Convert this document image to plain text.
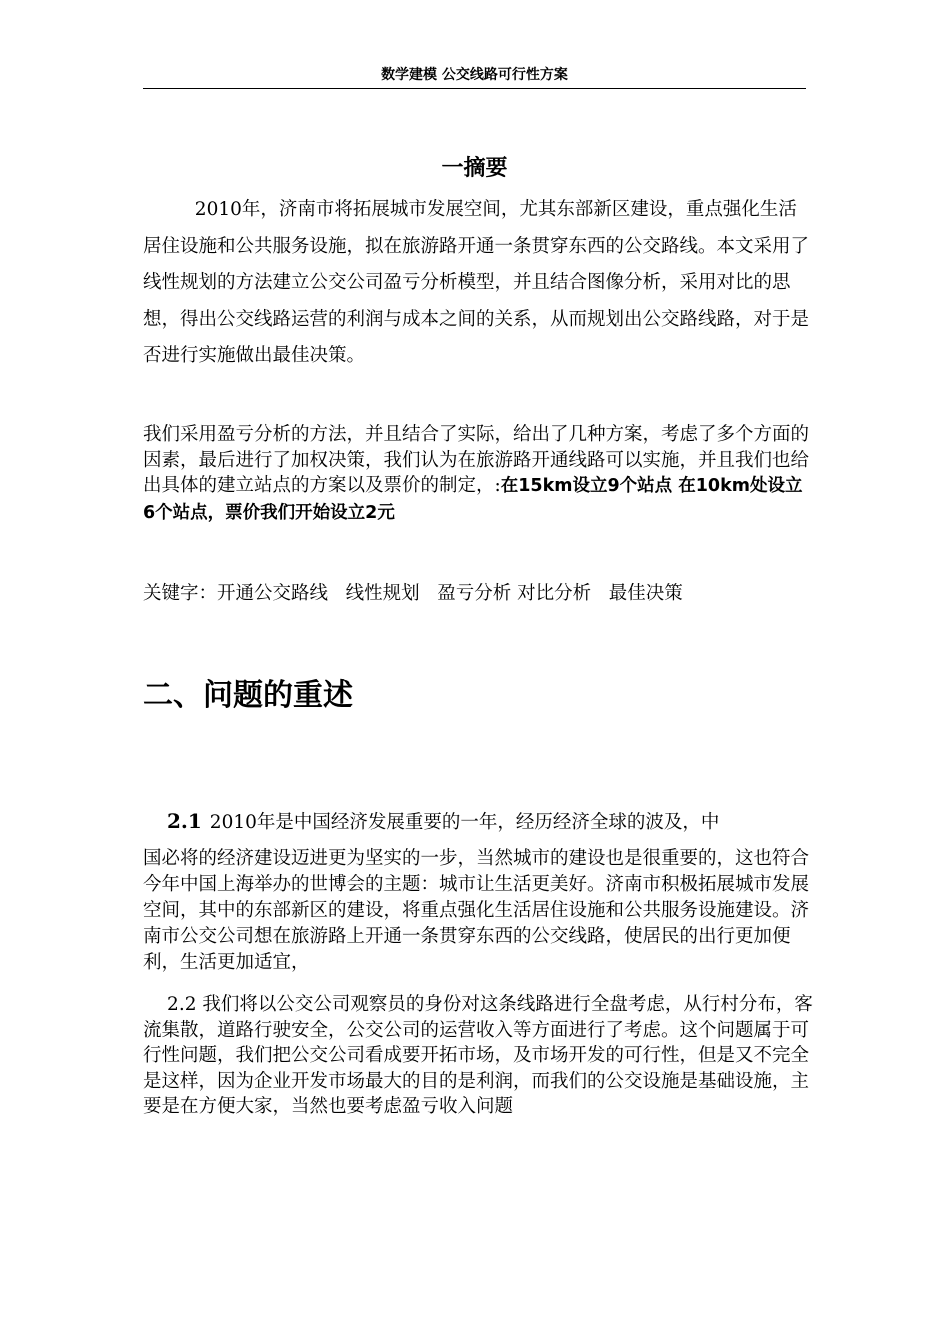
数学建模 公交线路可行性方案
一摘要

2010年，济南市将拓展城市发展空间，尤其东部新区建设，重点强化生活居住设施和公共服务设施，拟在旅游路开通一条贯穿东西的公交路线。本文采用了线性规划的方法建立公交公司盈亏分析模型，并且结合图像分析，采用对比的思想，得出公交线路运营的利润与成本之间的关系，从而规划出公交路线路，对于是否进行实施做出最佳决策。

我们采用盈亏分析的方法，并且结合了实际，给出了几种方案，考虑了多个方面的因素，最后进行了加权决策，我们认为在旅游路开通线路可以实施，并且我们也给出具体的建立站点的方案以及票价的制定，:在15km设立9个站点 在10km处设立6个站点，票价我们开始设立2元

关键字：开通公交路线   线性规划   盈亏分析 对比分析   最佳决策

二、问题的重述

2.1 2010年是中国经济发展重要的一年，经历经济全球的波及，中
国必将的经济建设迈进更为坚实的一步，当然城市的建设也是很重要的，这也符合今年中国上海举办的世博会的主题：城市让生活更美好。济南市积极拓展城市发展空间，其中的东部新区的建设，将重点强化生活居住设施和公共服务设施建设。济南市公交公司想在旅游路上开通一条贯穿东西的公交线路，使居民的出行更加便利，生活更加适宜，

2.2 我们将以公交公司观察员的身份对这条线路进行全盘考虑，从行村分布，客流集散，道路行驶安全，公交公司的运营收入等方面进行了考虑。这个问题属于可行性问题，我们把公交公司看成要开拓市场，及市场开发的可行性，但是又不完全是这样，因为企业开发市场最大的目的是利润，而我们的公交设施是基础设施，主要是在方便大家，当然也要考虑盈亏收入问题
